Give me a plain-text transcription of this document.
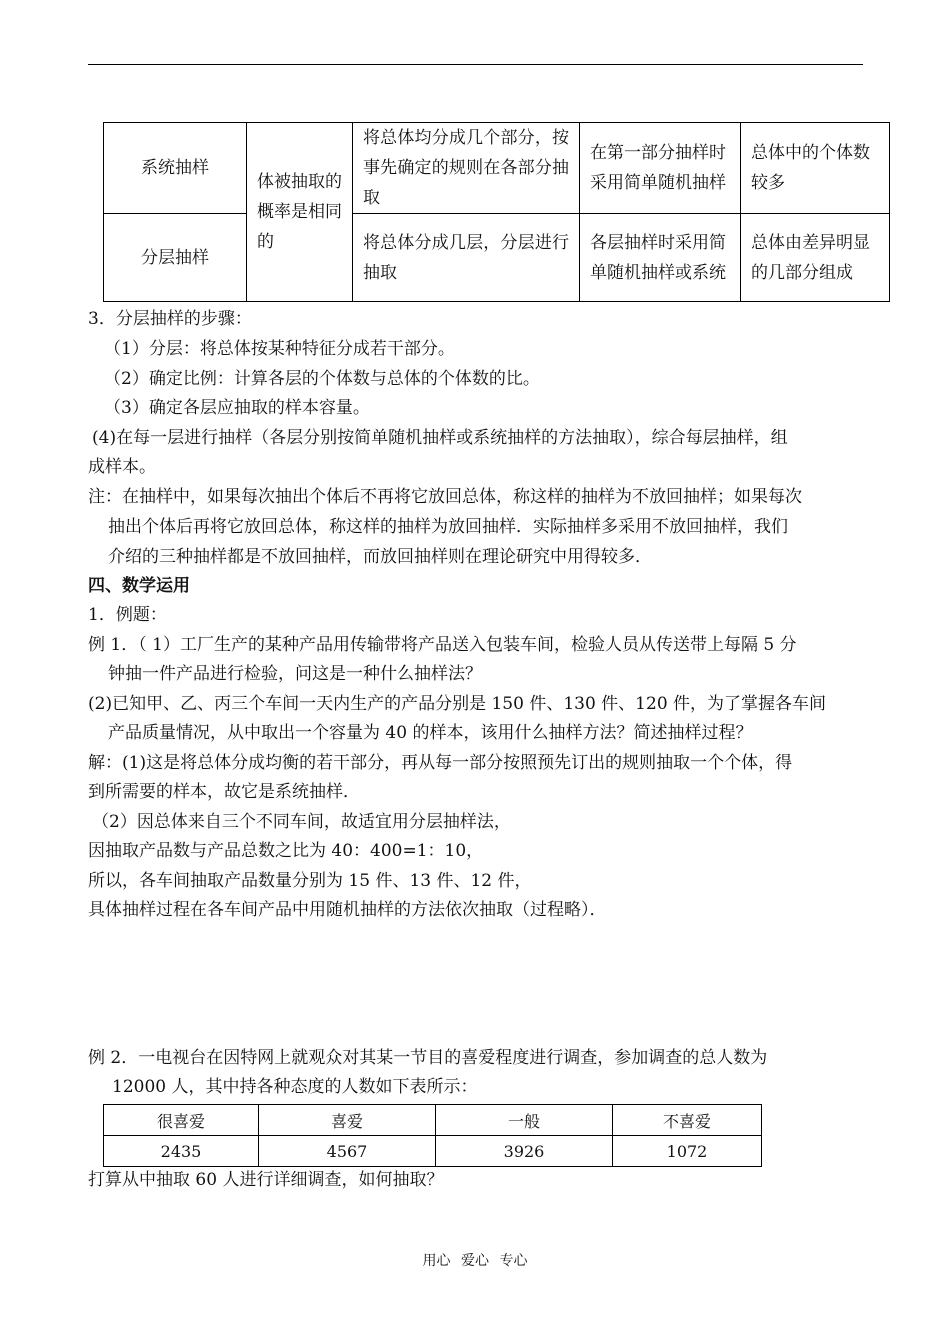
系统抽样	体被抽取的概率是相同的	将总体均分成几个部分，按事先确定的规则在各部分抽取	在第一部分抽样时采用简单随机抽样	总体中的个体数较多
分层抽样		将总体分成几层，分层进行抽取	各层抽样时采用简单随机抽样或系统	总体由差异明显的几部分组成
3．分层抽样的步骤：
（1）分层：将总体按某种特征分成若干部分。
（2）确定比例：计算各层的个体数与总体的个体数的比。
（3）确定各层应抽取的样本容量。
(4)在每一层进行抽样（各层分别按简单随机抽样或系统抽样的方法抽取），综合每层抽样，组
成样本。
注：在抽样中，如果每次抽出个体后不再将它放回总体，称这样的抽样为不放回抽样；如果每次
抽出个体后再将它放回总体，称这样的抽样为放回抽样．实际抽样多采用不放回抽样，我们
介绍的三种抽样都是不放回抽样，而放回抽样则在理论研究中用得较多．
四、数学运用
1．例题：
例 1．（ 1）工厂生产的某种产品用传输带将产品送入包装车间，检验人员从传送带上每隔 5 分
钟抽一件产品进行检验，问这是一种什么抽样法？
(2)已知甲、乙、丙三个车间一天内生产的产品分别是 150 件、130 件、120 件，为了掌握各车间
产品质量情况，从中取出一个容量为 40 的样本，该用什么抽样方法？简述抽样过程？
解：(1)这是将总体分成均衡的若干部分，再从每一部分按照预先订出的规则抽取一个个体，得
到所需要的样本，故它是系统抽样．
（2）因总体来自三个不同车间，故适宜用分层抽样法，
因抽取产品数与产品总数之比为 40：400=1：10，
所以，各车间抽取产品数量分别为 15 件、13 件、12 件，
具体抽样过程在各车间产品中用随机抽样的方法依次抽取（过程略）．
例 2．一电视台在因特网上就观众对其某一节目的喜爱程度进行调查，参加调查的总人数为
12000 人，其中持各种态度的人数如下表所示：
很喜爱	喜爱	一般	不喜爱
2435	4567	3926	1072
打算从中抽取 60 人进行详细调查，如何抽取？
用心 爱心 专心
